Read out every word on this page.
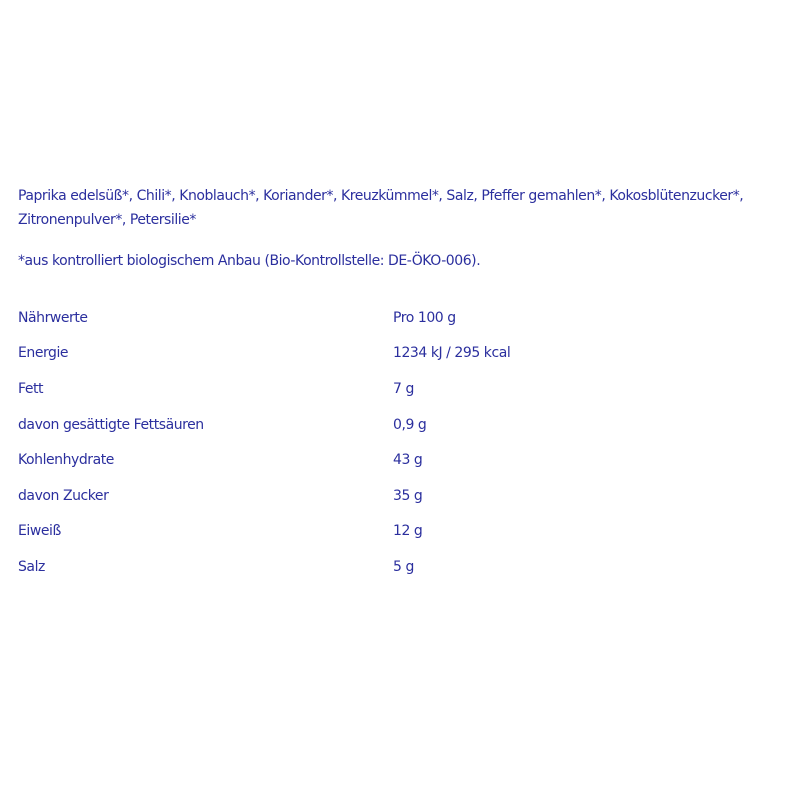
Paprika edelsüß*, Chili*, Knoblauch*, Koriander*, Kreuzkümmel*, Salz, Pfeffer gemahlen*, Kokosblütenzucker*,
Zitronenpulver*, Petersilie*

*aus kontrolliert biologischem Anbau (Bio-Kontrollstelle: DE-ÖKO-006).

Nährwerte	Pro 100 g
Energie	1234 kJ / 295 kcal
Fett	7 g
davon gesättigte Fettsäuren	0,9 g
Kohlenhydrate	43 g
davon Zucker	35 g
Eiweiß	12 g
Salz	5 g
